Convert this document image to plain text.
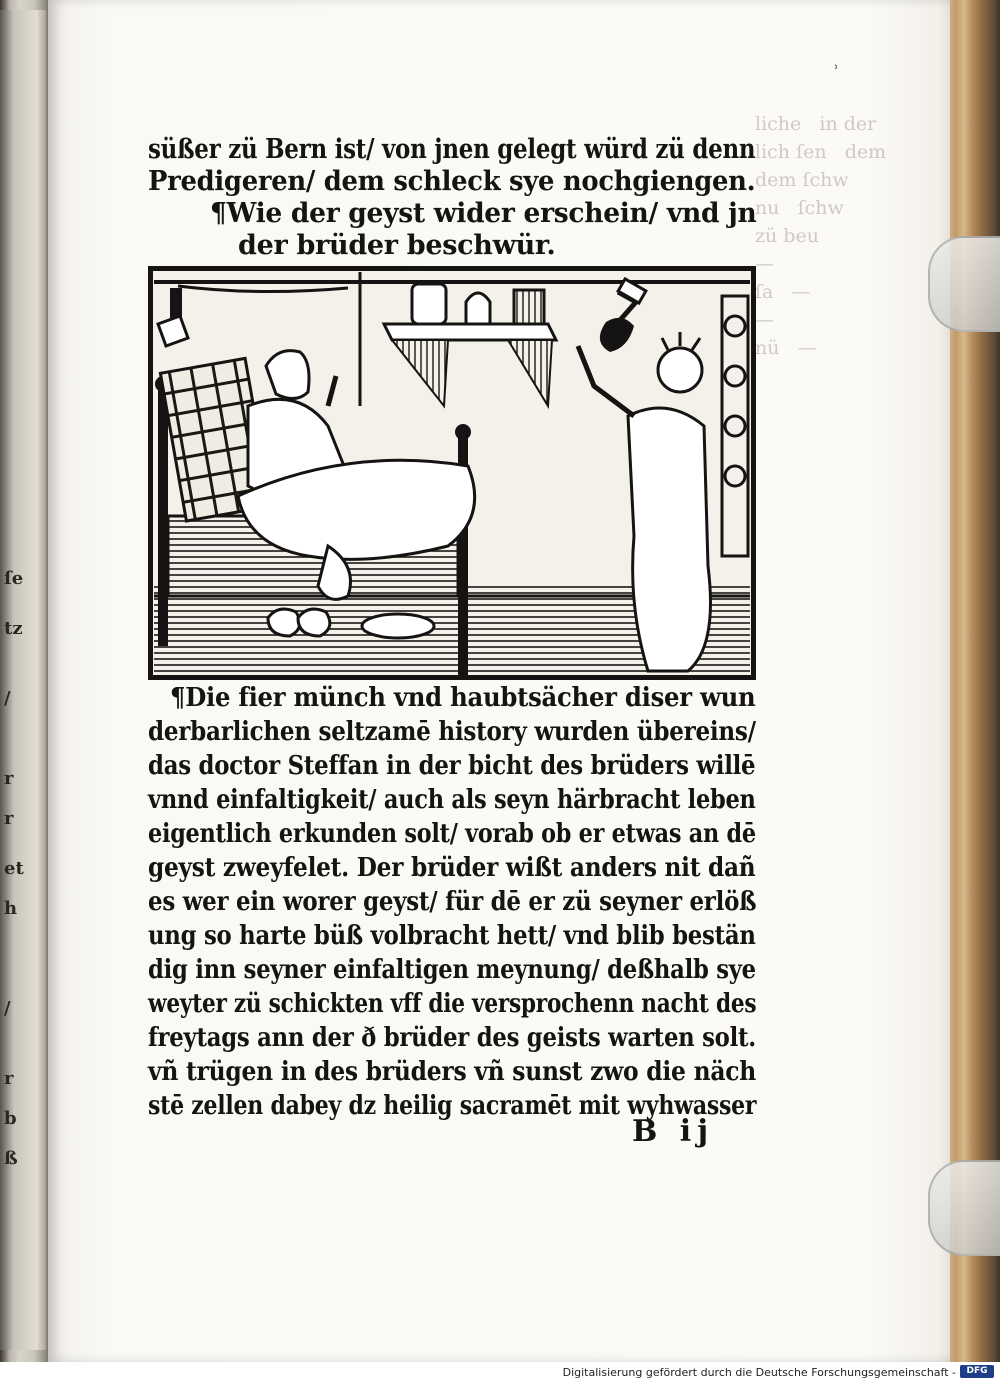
ſe
tz
/
r
r
et
h
/
r
b
ß
ʾ
liche   in der
lich ſen   dem
dem ſchw
nu   ſchw
zü beu
—
ſa   —
—
nü   —

süßer zü Bern ist/ von jnen gelegt würd zü denn
Predigeren/ dem schleck sye nochgiengen.
¶Wie der geyst wider erschein/ vnd jn
der brüder beschwür.
¶Die fier münch vnd haubtsächer diser wun
derbarlichen seltzamē history wurden übereins/
das doctor Steffan in der bicht des brüders willē
vnnd einfaltigkeit/ auch als seyn härbracht leben
eigentlich erkunden solt/ vorab ob er etwas an dē
geyst zweyfelet. Der brüder wißt anders nit dañ
es wer ein worer geyst/ für dē er zü seyner erlöß
ung so harte büß volbracht hett/ vnd blib bestän
dig inn seyner einfaltigen meynung/ deßhalb sye
weyter zü schickten vff die versprochenn nacht des
freytags ann der ð brüder des geists warten solt.
vñ trügen in des brüders vñ sunst zwo die näch
stē zellen dabey dz heilig sacramēt mit wyhwasser
B ij
Digitalisierung gefördert durch die Deutsche Forschungsgemeinschaft -	DFG
